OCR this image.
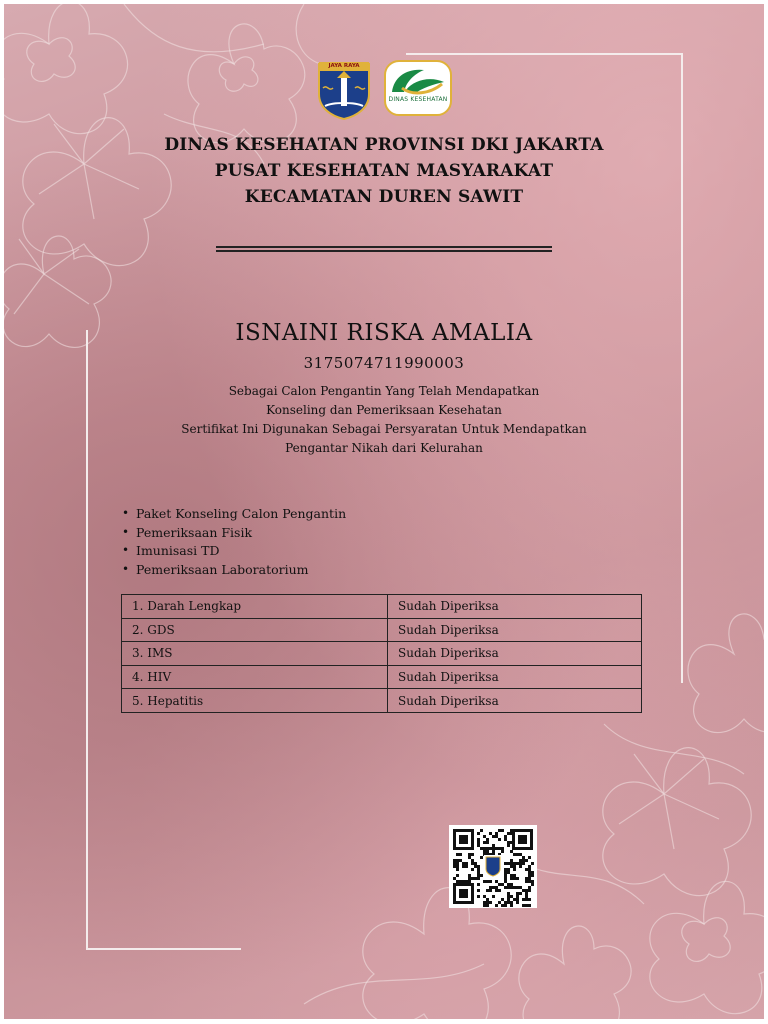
JAYA RAYA
DINAS KESEHATAN
DINAS KESEHATAN PROVINSI DKI JAKARTA
PUSAT KESEHATAN MASYARAKAT
KECAMATAN DUREN SAWIT
ISNAINI RISKA AMALIA
3175074711990003
Sebagai Calon Pengantin Yang Telah Mendapatkan
Konseling dan Pemeriksaan Kesehatan
Sertifikat Ini Digunakan Sebagai Persyaratan Untuk Mendapatkan
Pengantar Nikah dari Kelurahan
• Paket Konseling Calon Pengantin
• Pemeriksaan Fisik
• Imunisasi TD
• Pemeriksaan Laboratorium
1. Darah Lengkap	Sudah Diperiksa
2. GDS	Sudah Diperiksa
3. IMS	Sudah Diperiksa
4. HIV	Sudah Diperiksa
5. Hepatitis	Sudah Diperiksa
